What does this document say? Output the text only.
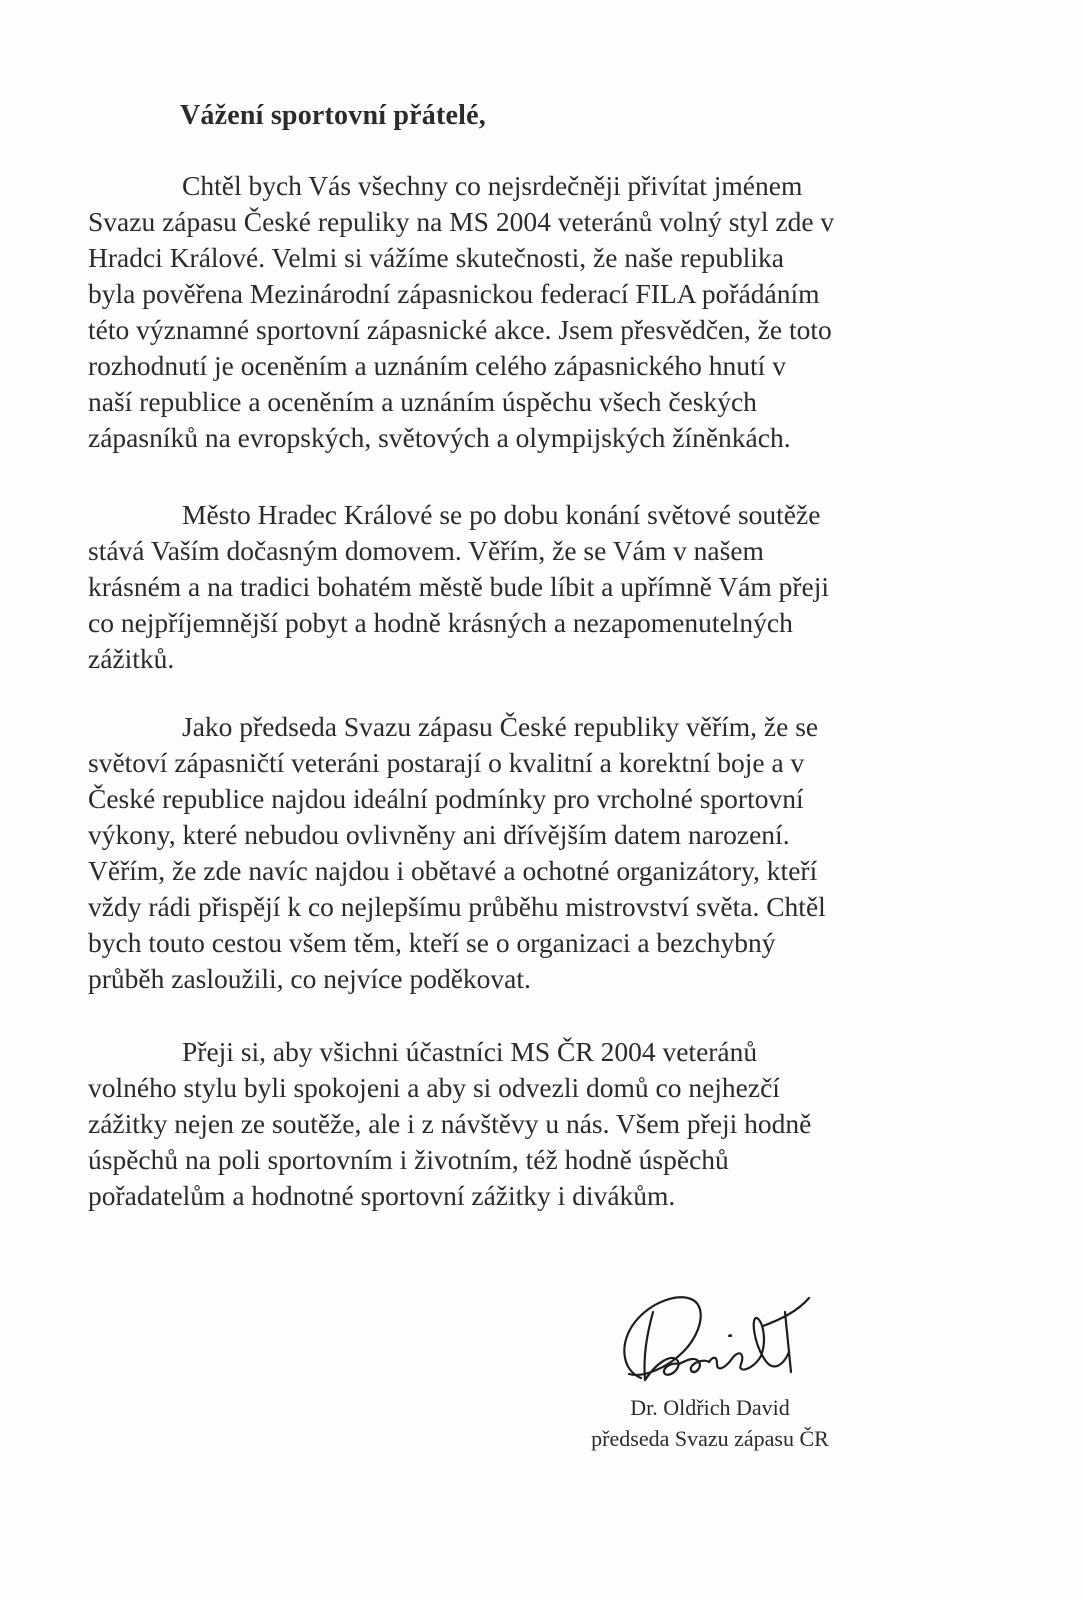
Vážení sportovní přátelé,

Chtěl bych Vás všechny co nejsrdečněji přivítat jménem
Svazu zápasu České repuliky na MS 2004 veteránů volný styl zde v
Hradci Králové. Velmi si vážíme skutečnosti, že naše republika
byla pověřena Mezinárodní zápasnickou federací FILA pořádáním
této významné sportovní zápasnické akce. Jsem přesvědčen, že toto
rozhodnutí je oceněním a uznáním celého zápasnického hnutí v
naší republice a oceněním a uznáním úspěchu všech českých
zápasníků na evropských, světových a olympijských žíněnkách.

Město Hradec Králové se po dobu konání světové soutěže
stává Vaším dočasným domovem. Věřím, že se Vám v našem
krásném a na tradici bohatém městě bude líbit a upřímně Vám přeji
co nejpříjemnější pobyt a hodně krásných a nezapomenutelných
zážitků.

Jako předseda Svazu zápasu České republiky věřím, že se
světoví zápasničtí veteráni postarají o kvalitní a korektní boje a v
České republice najdou ideální podmínky pro vrcholné sportovní
výkony, které nebudou ovlivněny ani dřívějším datem narození.
Věřím, že zde navíc najdou i obětavé a ochotné organizátory, kteří
vždy rádi přispějí k co nejlepšímu průběhu mistrovství světa. Chtěl
bych touto cestou všem těm, kteří se o organizaci a bezchybný
průběh zasloužili, co nejvíce poděkovat.

Přeji si, aby všichni účastníci MS ČR 2004 veteránů
volného stylu byli spokojeni a aby si odvezli domů co nejhezčí
zážitky nejen ze soutěže, ale i z návštěvy u nás. Všem přeji hodně
úspěchů na poli sportovním i životním, též hodně úspěchů
pořadatelům a hodnotné sportovní zážitky i divákům.

Dr. Oldřich David
předseda Svazu zápasu ČR
